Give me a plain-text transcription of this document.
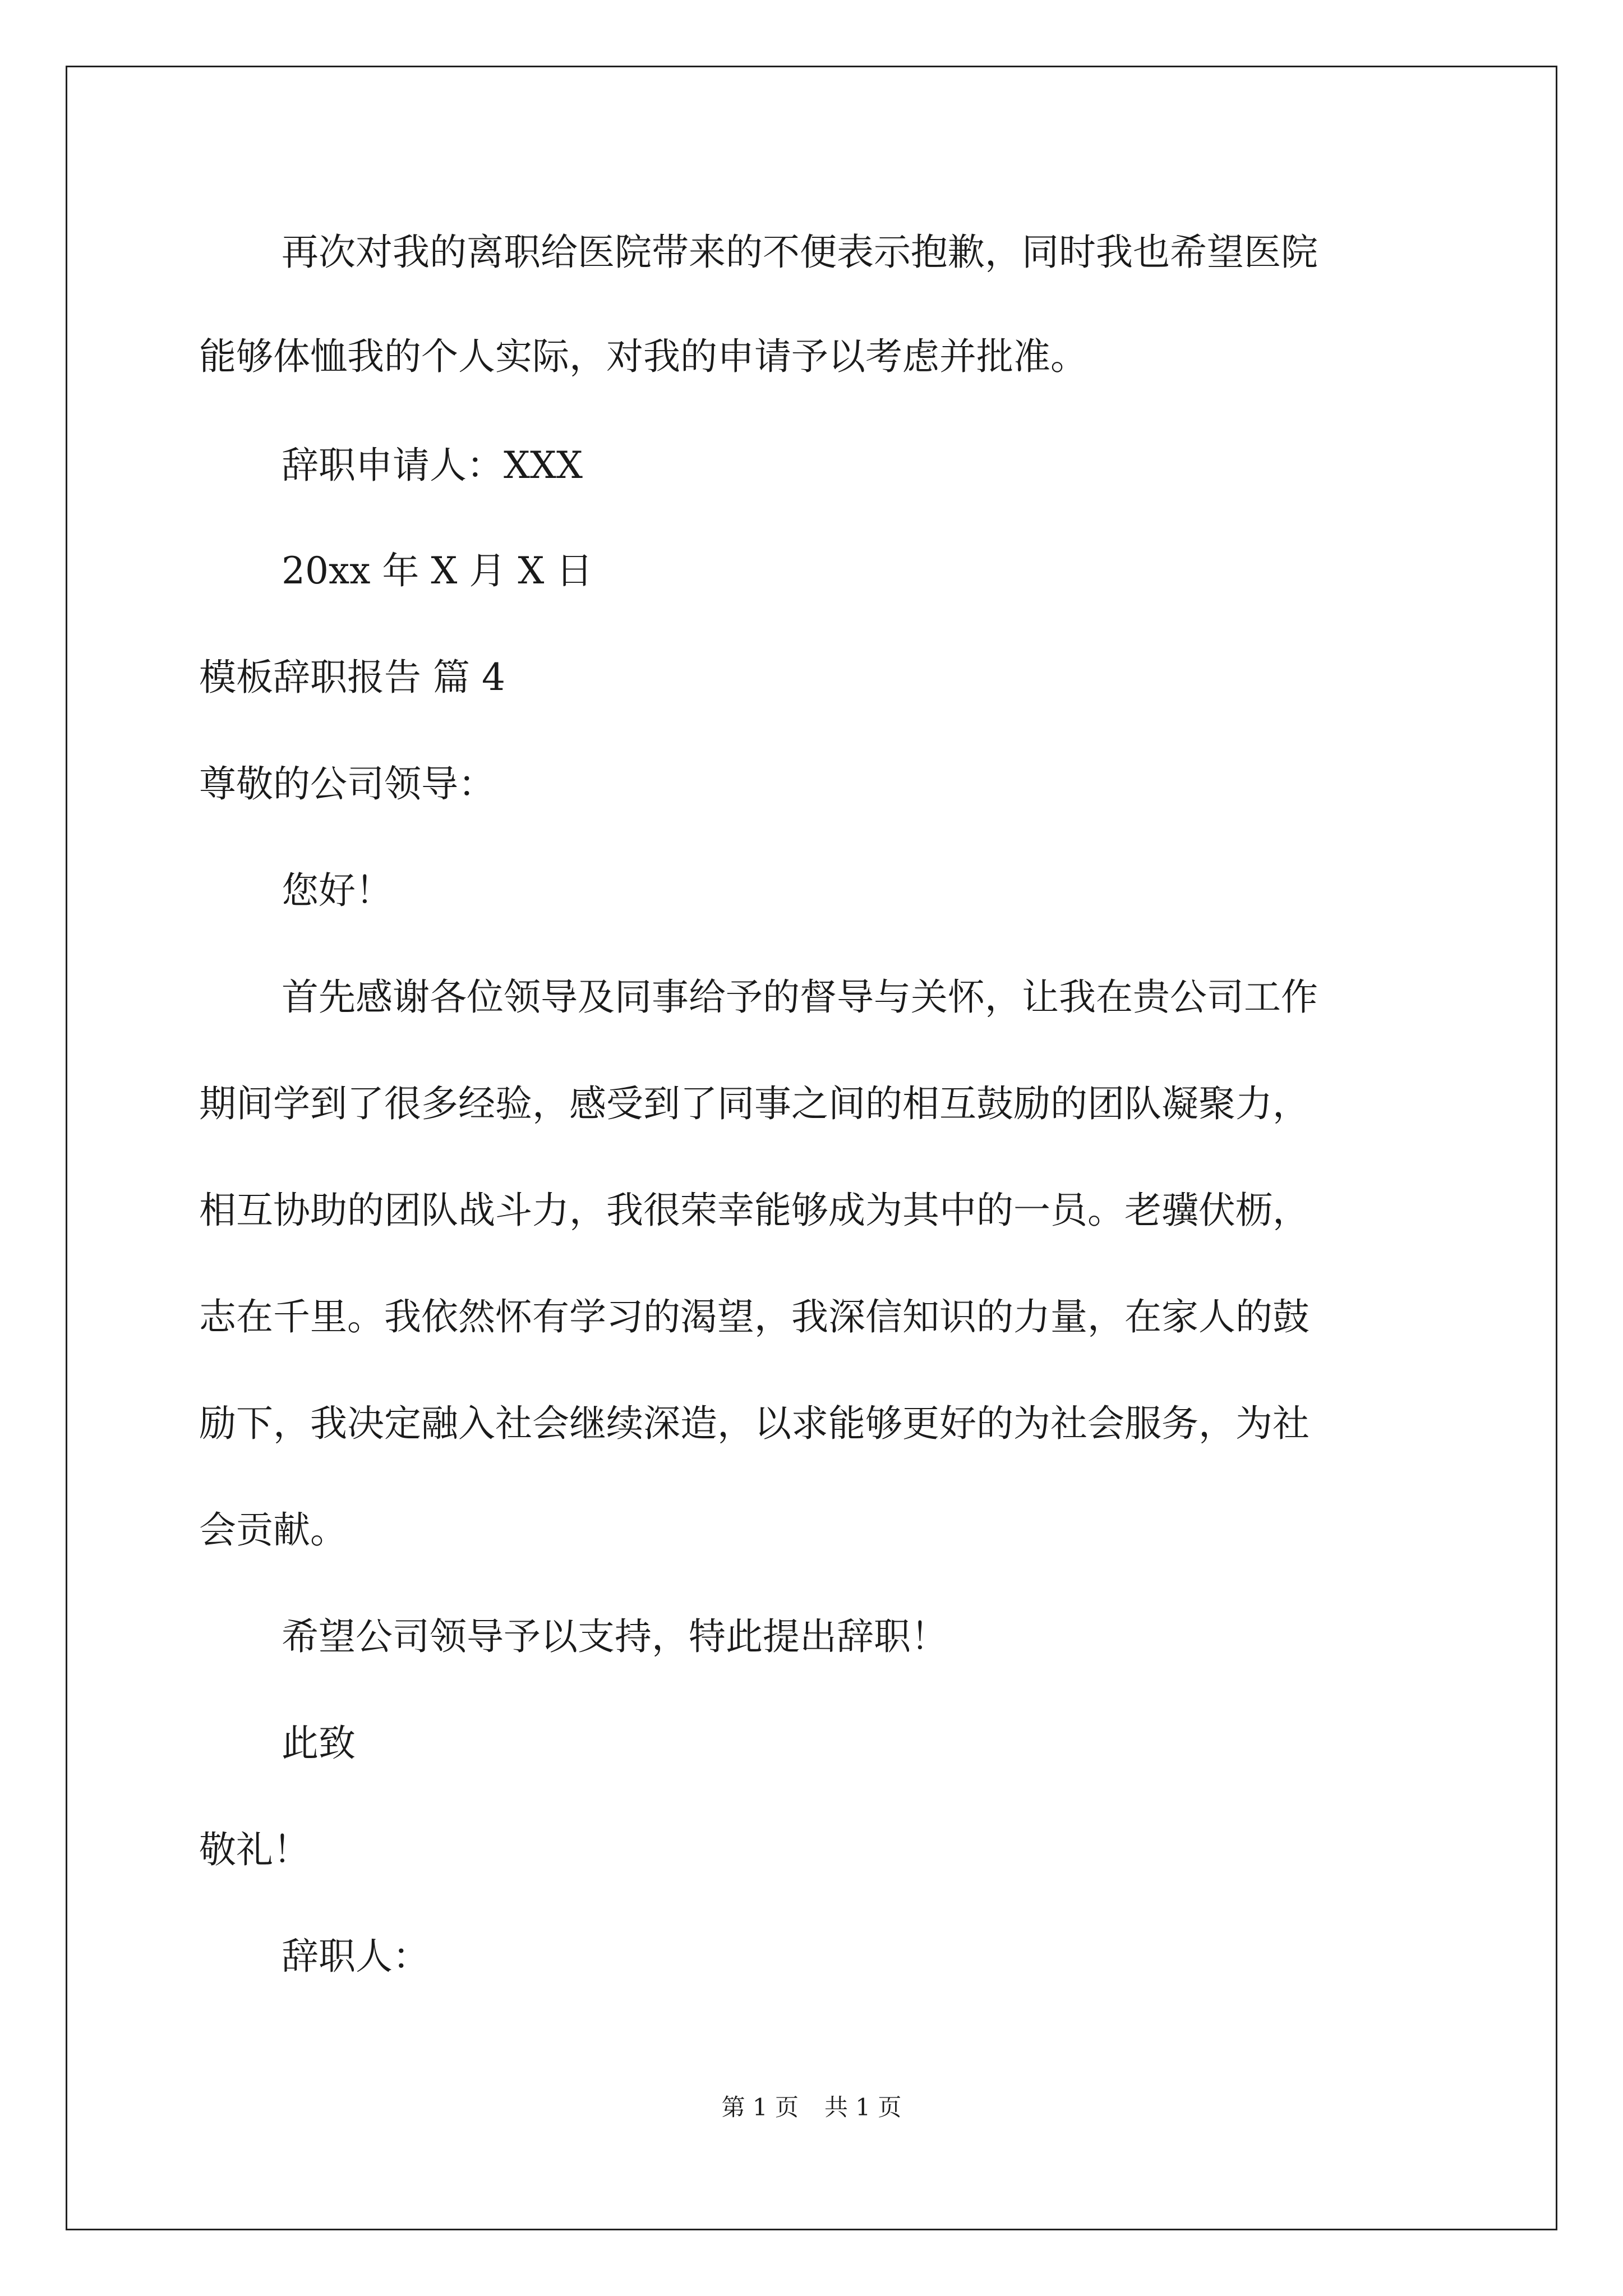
再次对我的离职给医院带来的不便表示抱歉，同时我也希望医院
能够体恤我的个人实际，对我的申请予以考虑并批准。
辞职申请人：XXX
20xx 年 X 月 X 日
模板辞职报告 篇 4
尊敬的公司领导：
您好！
首先感谢各位领导及同事给予的督导与关怀，让我在贵公司工作
期间学到了很多经验，感受到了同事之间的相互鼓励的团队凝聚力，
相互协助的团队战斗力，我很荣幸能够成为其中的一员。老骥伏枥，
志在千里。我依然怀有学习的渴望，我深信知识的力量，在家人的鼓
励下，我决定融入社会继续深造，以求能够更好的为社会服务，为社
会贡献。
希望公司领导予以支持，特此提出辞职！
此致
敬礼！
辞职人：
第 1 页 共 1 页
